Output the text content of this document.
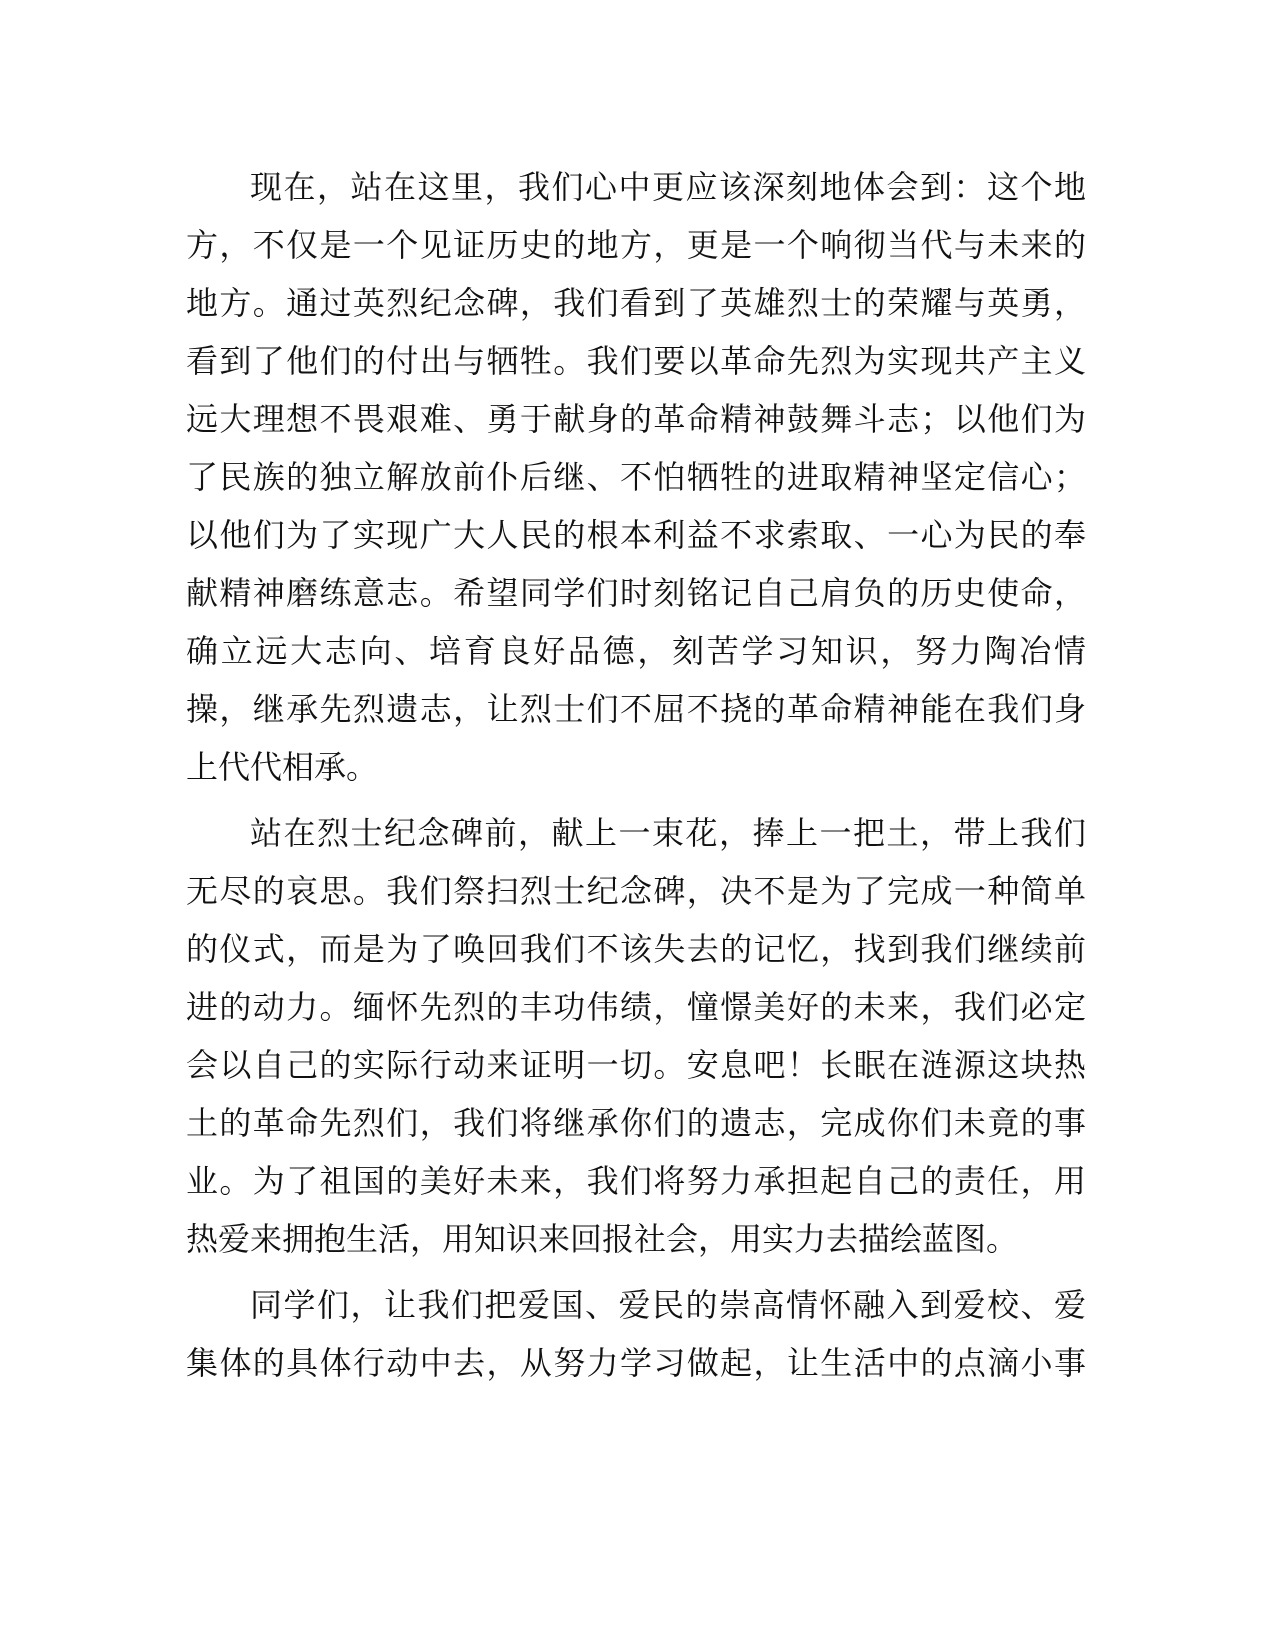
现在，站在这里，我们心中更应该深刻地体会到：这个地
方，不仅是一个见证历史的地方，更是一个响彻当代与未来的
地方。通过英烈纪念碑，我们看到了英雄烈士的荣耀与英勇，
看到了他们的付出与牺牲。我们要以革命先烈为实现共产主义
远大理想不畏艰难、勇于献身的革命精神鼓舞斗志；以他们为
了民族的独立解放前仆后继、不怕牺牲的进取精神坚定信心；
以他们为了实现广大人民的根本利益不求索取、一心为民的奉
献精神磨练意志。希望同学们时刻铭记自己肩负的历史使命，
确立远大志向、培育良好品德，刻苦学习知识，努力陶冶情
操，继承先烈遗志，让烈士们不屈不挠的革命精神能在我们身
上代代相承。
站在烈士纪念碑前，献上一束花，捧上一把土，带上我们
无尽的哀思。我们祭扫烈士纪念碑，决不是为了完成一种简单
的仪式，而是为了唤回我们不该失去的记忆，找到我们继续前
进的动力。缅怀先烈的丰功伟绩，憧憬美好的未来，我们必定
会以自己的实际行动来证明一切。安息吧！长眠在涟源这块热
土的革命先烈们，我们将继承你们的遗志，完成你们未竟的事
业。为了祖国的美好未来，我们将努力承担起自己的责任，用
热爱来拥抱生活，用知识来回报社会，用实力去描绘蓝图。
同学们，让我们把爱国、爱民的崇高情怀融入到爱校、爱
集体的具体行动中去，从努力学习做起，让生活中的点滴小事
